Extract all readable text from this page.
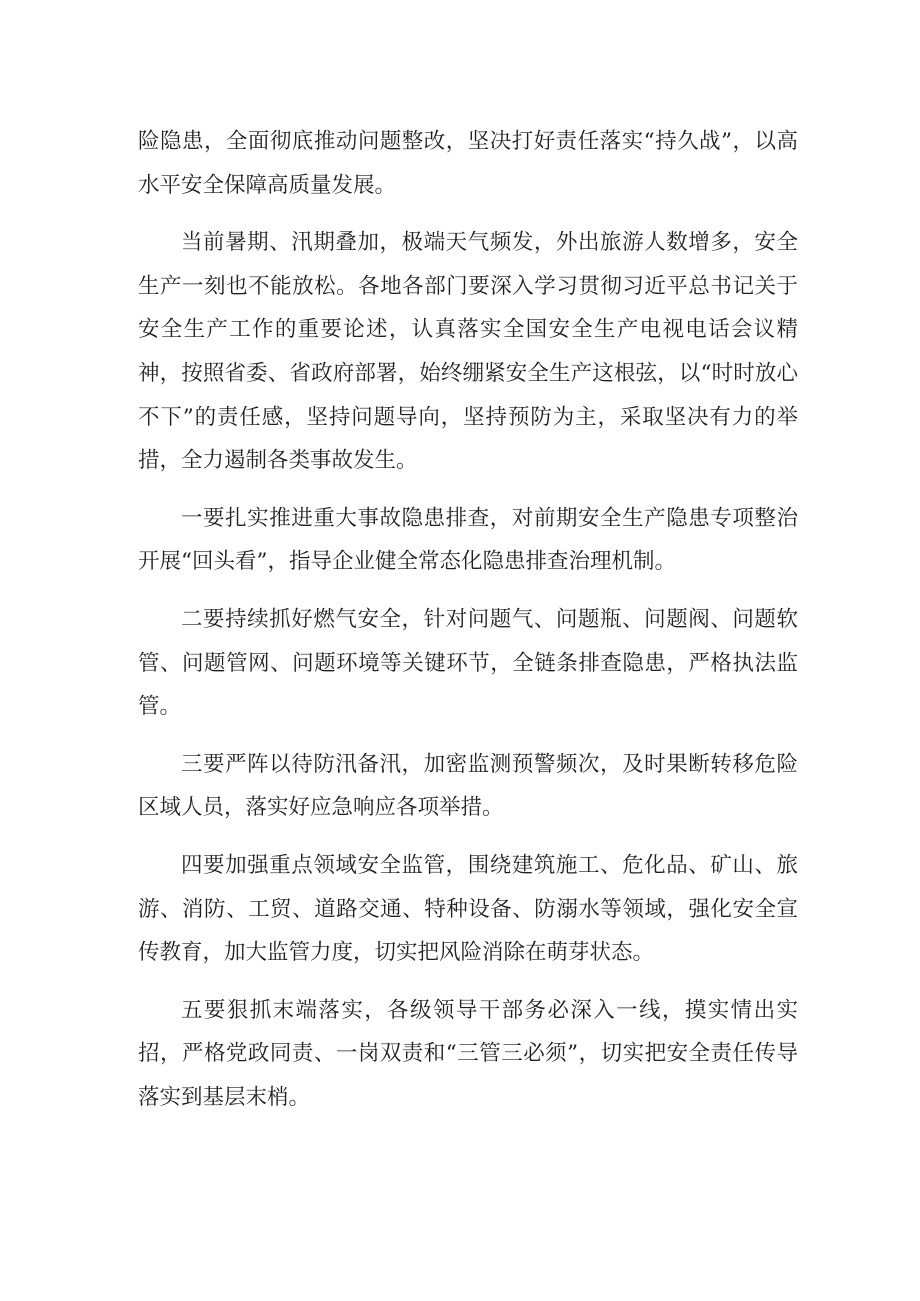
险隐患，全面彻底推动问题整改，坚决打好责任落实“持久战”，以高水平安全保障高质量发展。

当前暑期、汛期叠加，极端天气频发，外出旅游人数增多，安全生产一刻也不能放松。各地各部门要深入学习贯彻习近平总书记关于安全生产工作的重要论述，认真落实全国安全生产电视电话会议精神，按照省委、省政府部署，始终绷紧安全生产这根弦，以“时时放心不下”的责任感，坚持问题导向，坚持预防为主，采取坚决有力的举措，全力遏制各类事故发生。

一要扎实推进重大事故隐患排查，对前期安全生产隐患专项整治开展“回头看”，指导企业健全常态化隐患排查治理机制。

二要持续抓好燃气安全，针对问题气、问题瓶、问题阀、问题软管、问题管网、问题环境等关键环节，全链条排查隐患，严格执法监管。

三要严阵以待防汛备汛，加密监测预警频次，及时果断转移危险区域人员，落实好应急响应各项举措。

四要加强重点领域安全监管，围绕建筑施工、危化品、矿山、旅游、消防、工贸、道路交通、特种设备、防溺水等领域，强化安全宣传教育，加大监管力度，切实把风险消除在萌芽状态。

五要狠抓末端落实，各级领导干部务必深入一线，摸实情出实招，严格党政同责、一岗双责和“三管三必须”，切实把安全责任传导落实到基层末梢。
